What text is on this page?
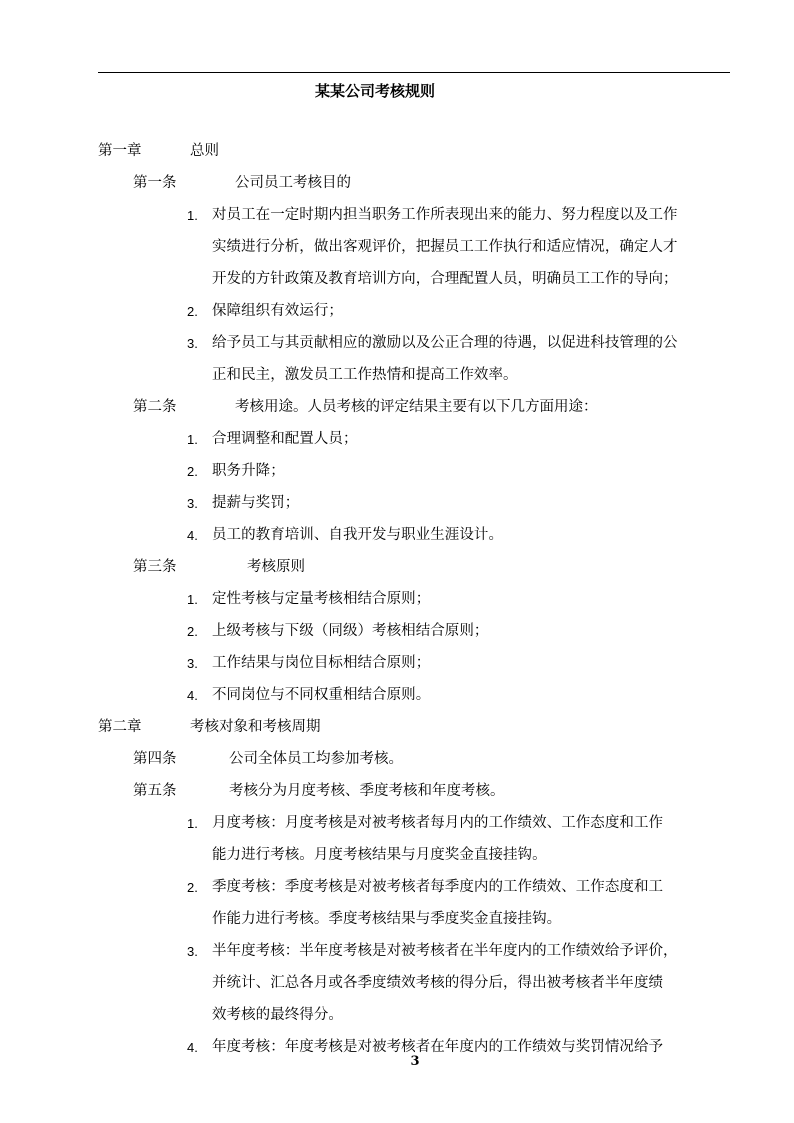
某某公司考核规则
第一章	总则
第一条	公司员工考核目的
1. 对员工在一定时期内担当职务工作所表现出来的能力、努力程度以及工作
实绩进行分析，做出客观评价，把握员工工作执行和适应情况，确定人才
开发的方针政策及教育培训方向，合理配置人员，明确员工工作的导向；
2. 保障组织有效运行；
3. 给予员工与其贡献相应的激励以及公正合理的待遇，以促进科技管理的公
正和民主，激发员工工作热情和提高工作效率。
第二条	考核用途。人员考核的评定结果主要有以下几方面用途：
1. 合理调整和配置人员；
2. 职务升降；
3. 提薪与奖罚；
4. 员工的教育培训、自我开发与职业生涯设计。
第三条	考核原则
1. 定性考核与定量考核相结合原则；
2. 上级考核与下级（同级）考核相结合原则；
3. 工作结果与岗位目标相结合原则；
4. 不同岗位与不同权重相结合原则。
第二章	考核对象和考核周期
第四条	公司全体员工均参加考核。
第五条	考核分为月度考核、季度考核和年度考核。
1. 月度考核：月度考核是对被考核者每月内的工作绩效、工作态度和工作
能力进行考核。月度考核结果与月度奖金直接挂钩。
2. 季度考核：季度考核是对被考核者每季度内的工作绩效、工作态度和工
作能力进行考核。季度考核结果与季度奖金直接挂钩。
3. 半年度考核：半年度考核是对被考核者在半年度内的工作绩效给予评价，
并统计、汇总各月或各季度绩效考核的得分后，得出被考核者半年度绩
效考核的最终得分。
4. 年度考核：年度考核是对被考核者在年度内的工作绩效与奖罚情况给予
3
